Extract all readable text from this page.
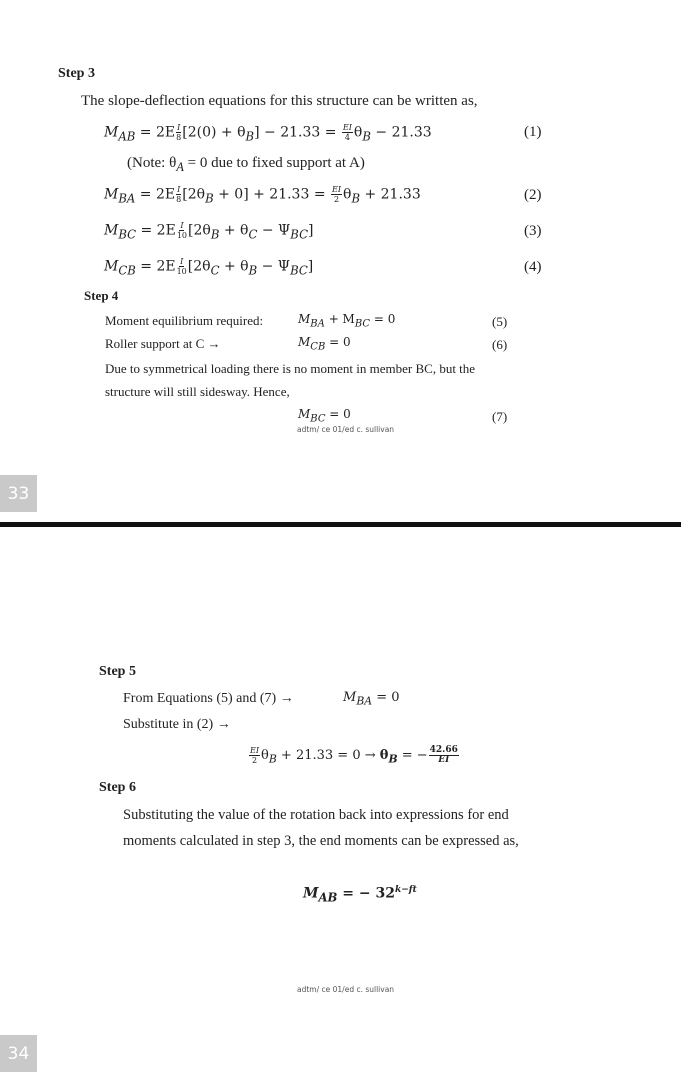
Step 3
The slope-deflection equations for this structure can be written as,
$M_{AB} = 2E \frac{I}{8} [2(0) + \theta_B] - 21.33 = \frac{EI}{4} \theta_B - 21.33$	(1)
(Note: $\theta_A = 0$ due to fixed support at A)
$M_{BA} = 2E \frac{I}{8} [2\theta_B + 0] + 21.33 = \frac{EI}{2} \theta_B + 21.33$	(2)
$M_{BC} = 2E \frac{I}{10} [2\theta_B + \theta_C - \Psi_{BC}]$	(3)
$M_{CB} = 2E \frac{I}{10} [2\theta_C + \theta_B - \Psi_{BC}]$	(4)
Step 4
Moment equilibrium required:	$M_{BA} + M_{BC} = 0$	(5)
Roller support at C →	$M_{CB} = 0$	(6)
Due to symmetrical loading there is no moment in member BC, but the
structure will still sidesway. Hence,
$M_{BC} = 0$	(7)
adtm/ ce 01/ed c. sullivan
33
Step 5
From Equations (5) and (7) →	$M_{BA} = 0$
Substitute in (2) →
$\frac{EI}{2} \theta_B + 21.33 = 0 \to \theta_B$ = − $\frac{42.66}{EI}$
Step 6
Substituting the value of the rotation back into expressions for end
moments calculated in step 3, the end moments can be expressed as,
$M_{AB}$ = − $32^{k-ft}$
adtm/ ce 01/ed c. sullivan
34
